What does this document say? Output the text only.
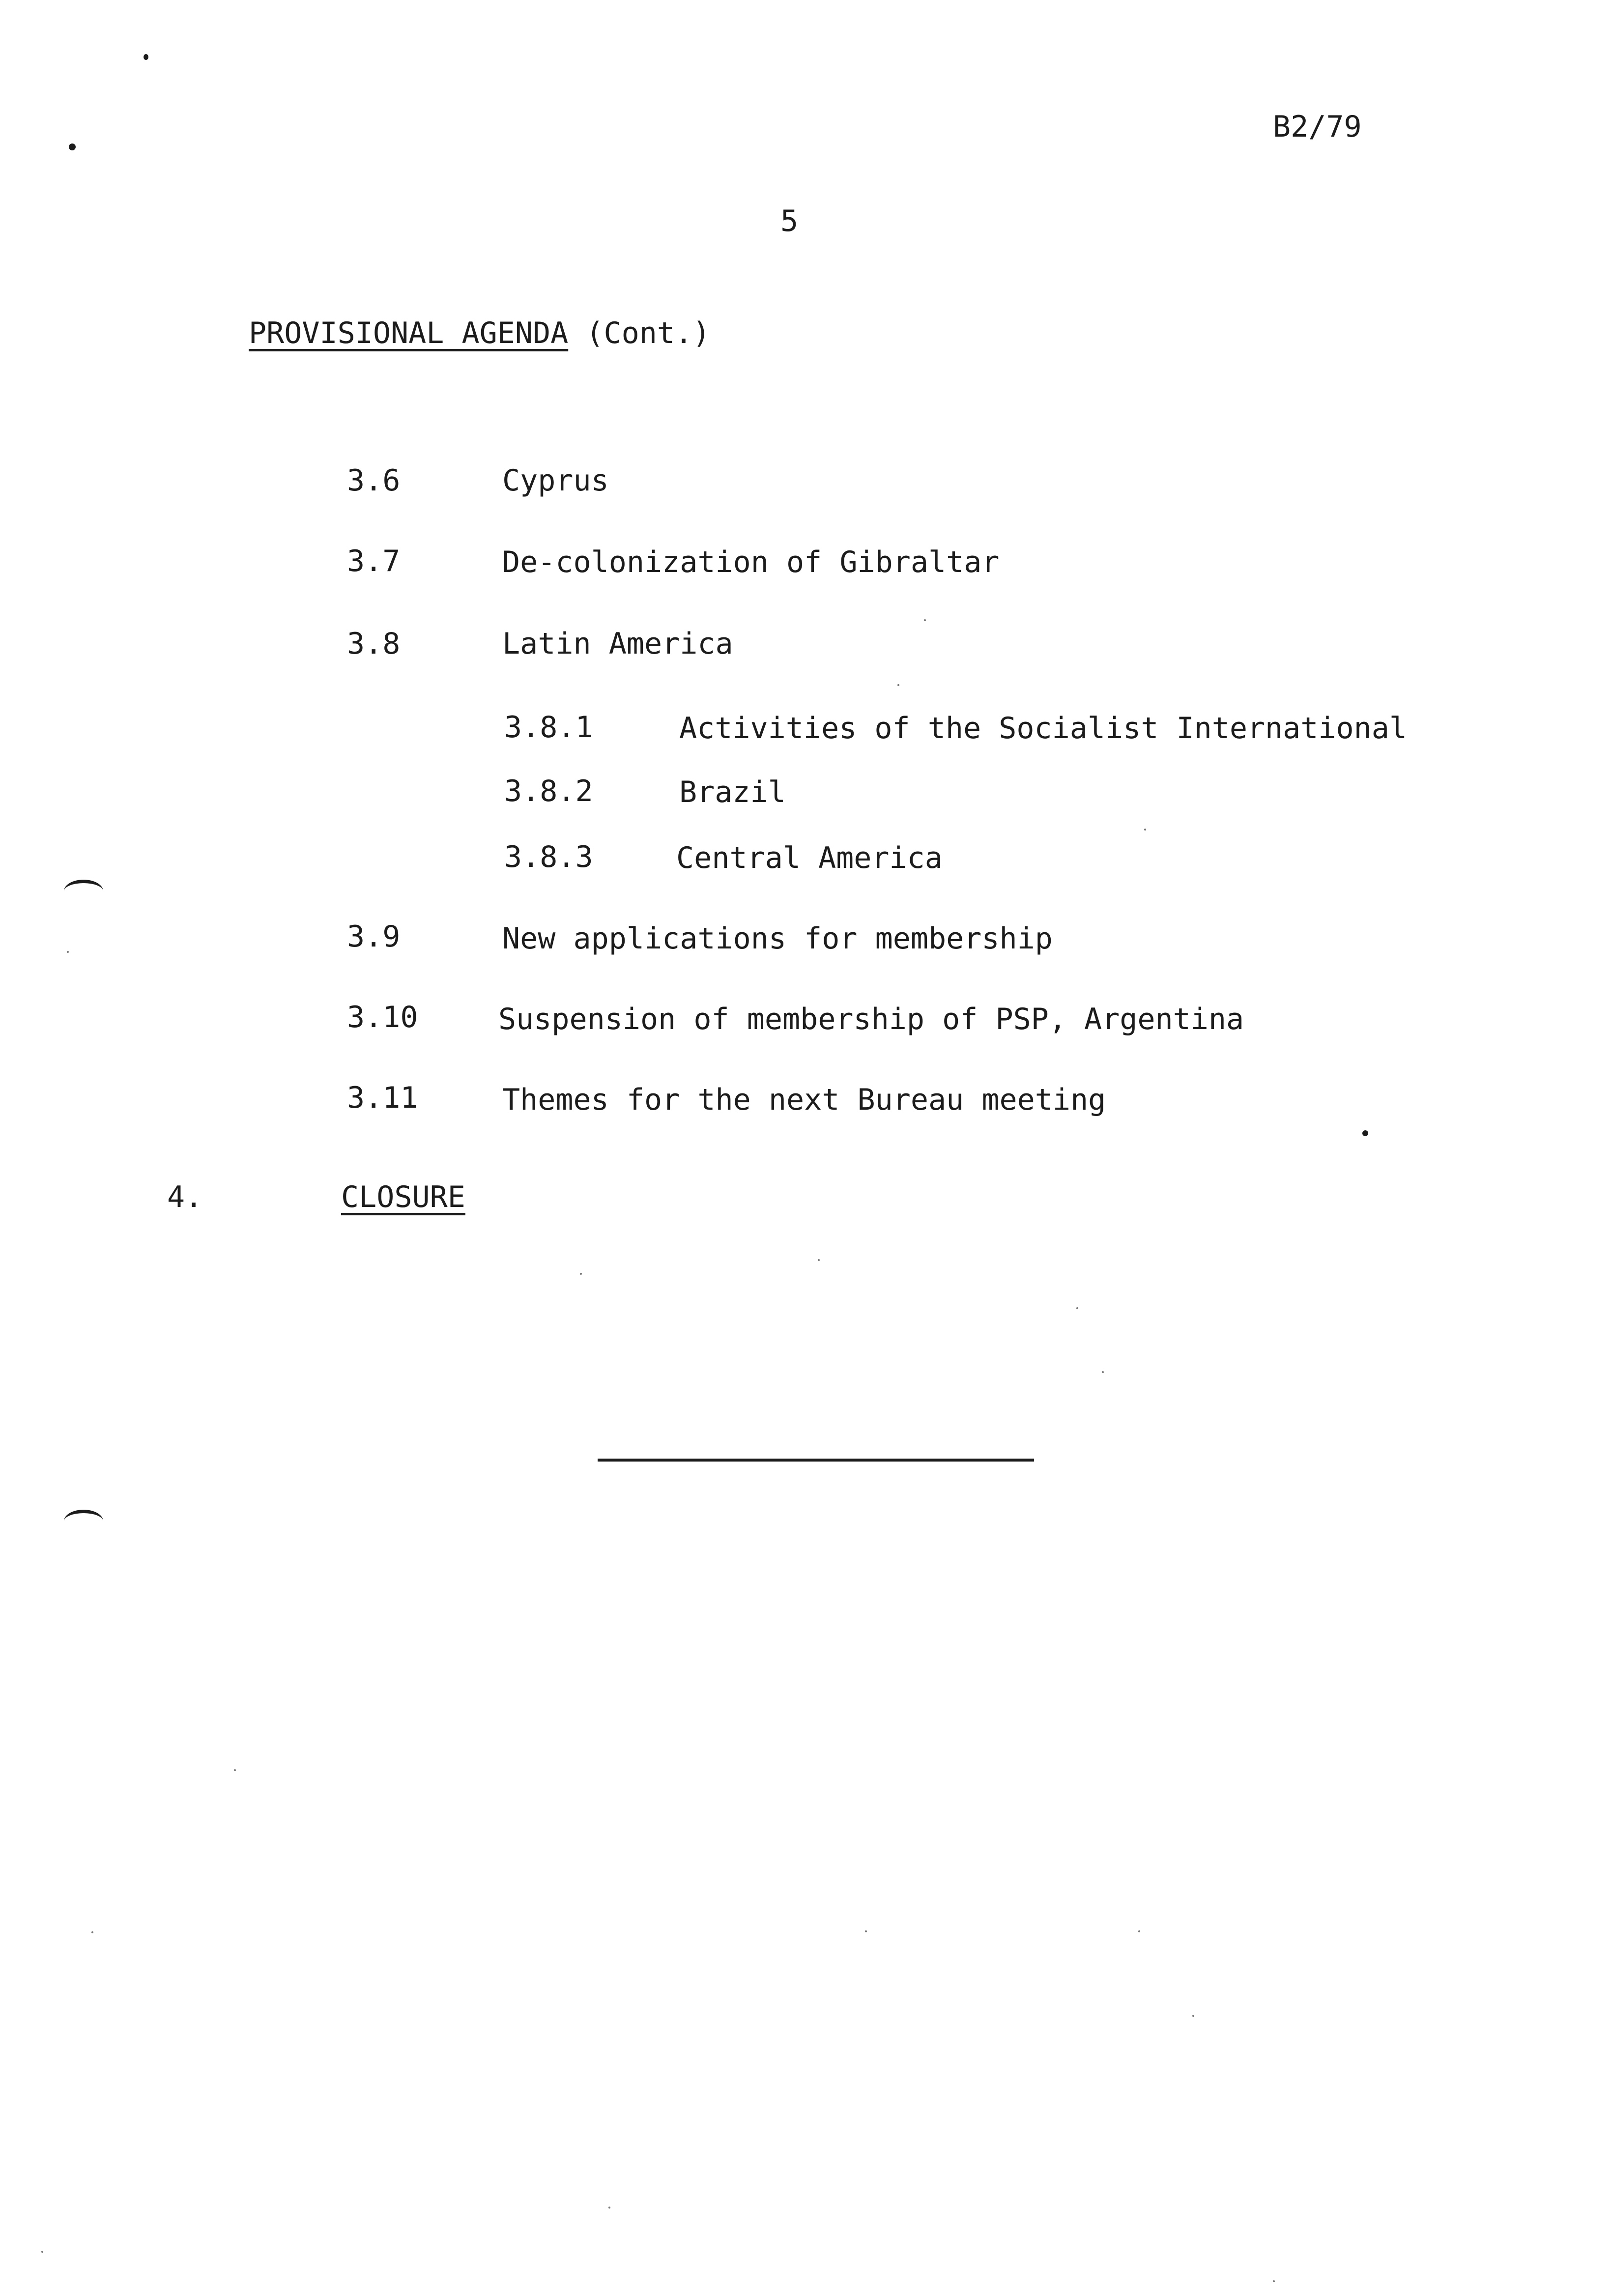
B2/79
5
PROVISIONAL AGENDA (Cont.)
3.6	Cyprus
3.7	De-colonization of Gibraltar
3.8	Latin America
3.8.1	Activities of the Socialist International
3.8.2	Brazil
3.8.3	Central America
3.9	New applications for membership
3.10	Suspension of membership of PSP, Argentina
3.11	Themes for the next Bureau meeting
4.	CLOSURE
